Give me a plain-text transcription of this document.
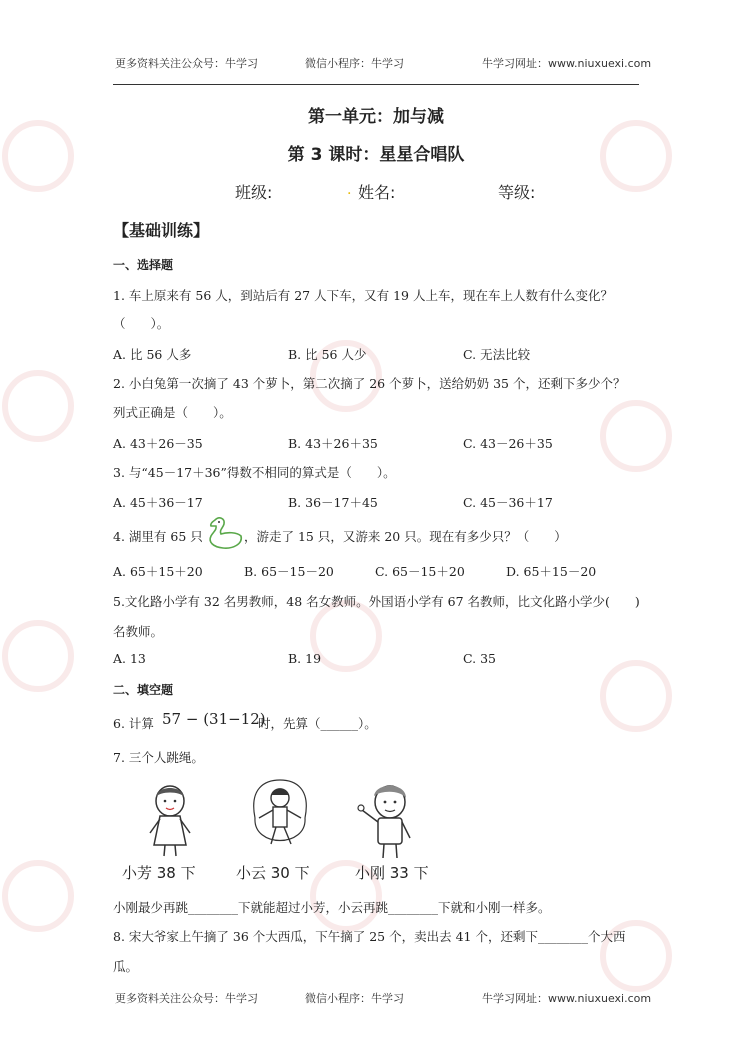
更多资料关注公众号：牛学习	微信小程序：牛学习	牛学习网址：www.niuxuexi.com
第一单元：加与减
第 3 课时：星星合唱队
班级:	. 姓名:	等级:
【基础训练】
一、选择题
1. 车上原来有 56 人，到站后有 27 人下车，又有 19 人上车，现在车上人数有什么变化？
（　　）。
A. 比 56 人多	B. 比 56 人少	C. 无法比较
2. 小白兔第一次摘了 43 个萝卜，第二次摘了 26 个萝卜，送给奶奶 35 个，还剩下多少个？
列式正确是（　　）。
A. 43＋26－35	B. 43＋26＋35	C. 43－26＋35
3. 与“45－17＋36”得数不相同的算式是（　　）。
A. 45＋36－17	B. 36－17＋45	C. 45－36＋17
4. 湖里有 65 只	，游走了 15 只，又游来 20 只。现在有多少只？（　　）
A. 65＋15＋20	B. 65－15－20	C. 65－15＋20	D. 65＋15－20
5.文化路小学有 32 名男教师，48 名女教师。外国语小学有 67 名教师，比文化路小学少(　　)
名教师。
A. 13	B. 19	C. 35
二、填空题
6. 计算 57 − (31−12)
时，先算（______）。
7. 三个人跳绳。
小芳 38 下	小云 30 下	小刚 33 下
小刚最少再跳________下就能超过小芳，小云再跳________下就和小刚一样多。
8. 宋大爷家上午摘了 36 个大西瓜，下午摘了 25 个，卖出去 41 个，还剩下________个大西
瓜。
更多资料关注公众号：牛学习	微信小程序：牛学习	牛学习网址：www.niuxuexi.com
